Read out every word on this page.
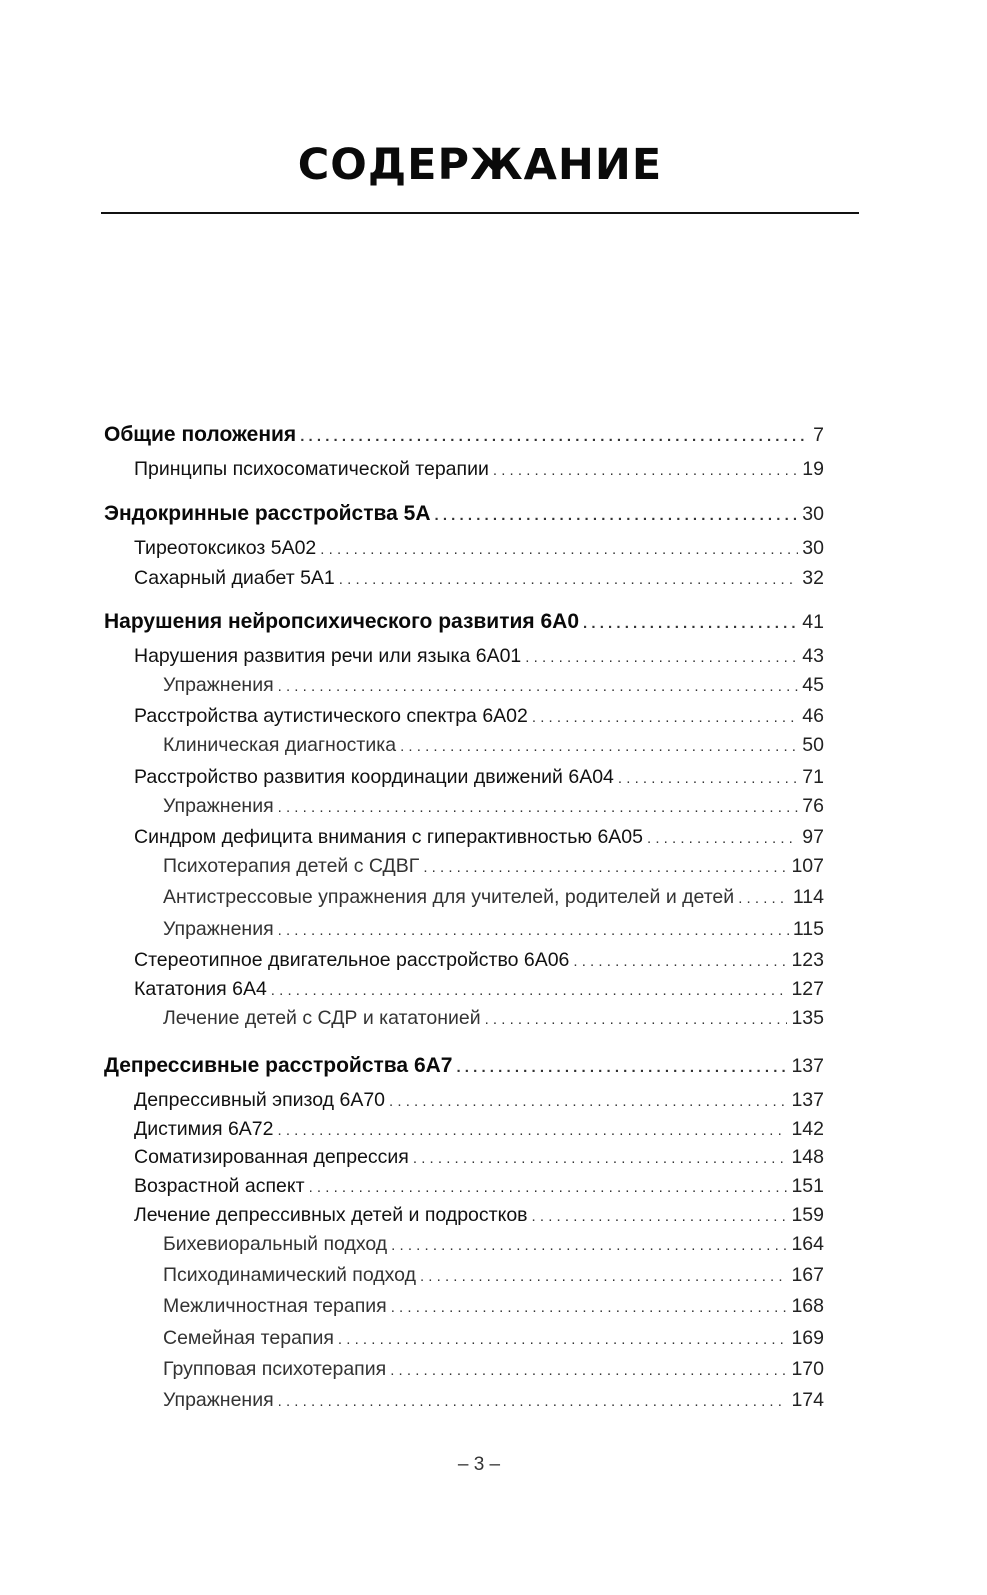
СОДЕРЖАНИЕ
Общие положения . . .	7
Принципы психосоматической терапии . . .	19
Эндокринные расстройства 5А . . .	30
Тиреотоксикоз 5А02 . . .	30
Сахарный диабет 5А1 . . .	32
Нарушения нейропсихического развития 6А0 . . .	41
Нарушения развития речи или языка 6А01 . . .	43
Упражнения . . .	45
Расстройства аутистического спектра 6А02 . . .	46
Клиническая диагностика . . .	50
Расстройство развития координации движений 6А04 . . .	71
Упражнения . . .	76
Синдром дефицита внимания с гиперактивностью 6А05 . . .	97
Психотерапия детей с СДВГ . . .	107
Антистрессовые упражнения для учителей, родителей и детей . . .	114
Упражнения . . .	115
Стереотипное двигательное расстройство 6А06 . . .	123
Кататония 6А4 . . .	127
Лечение детей с СДР и кататонией . . .	135
Депрессивные расстройства 6А7 . . .	137
Депрессивный эпизод 6А70 . . .	137
Дистимия 6А72 . . .	142
Соматизированная депрессия . . .	148
Возрастной аспект . . .	151
Лечение депрессивных детей и подростков . . .	159
Бихевиоральный подход . . .	164
Психодинамический подход . . .	167
Межличностная терапия . . .	168
Семейная терапия . . .	169
Групповая психотерапия . . .	170
Упражнения . . .	174
– 3 –
